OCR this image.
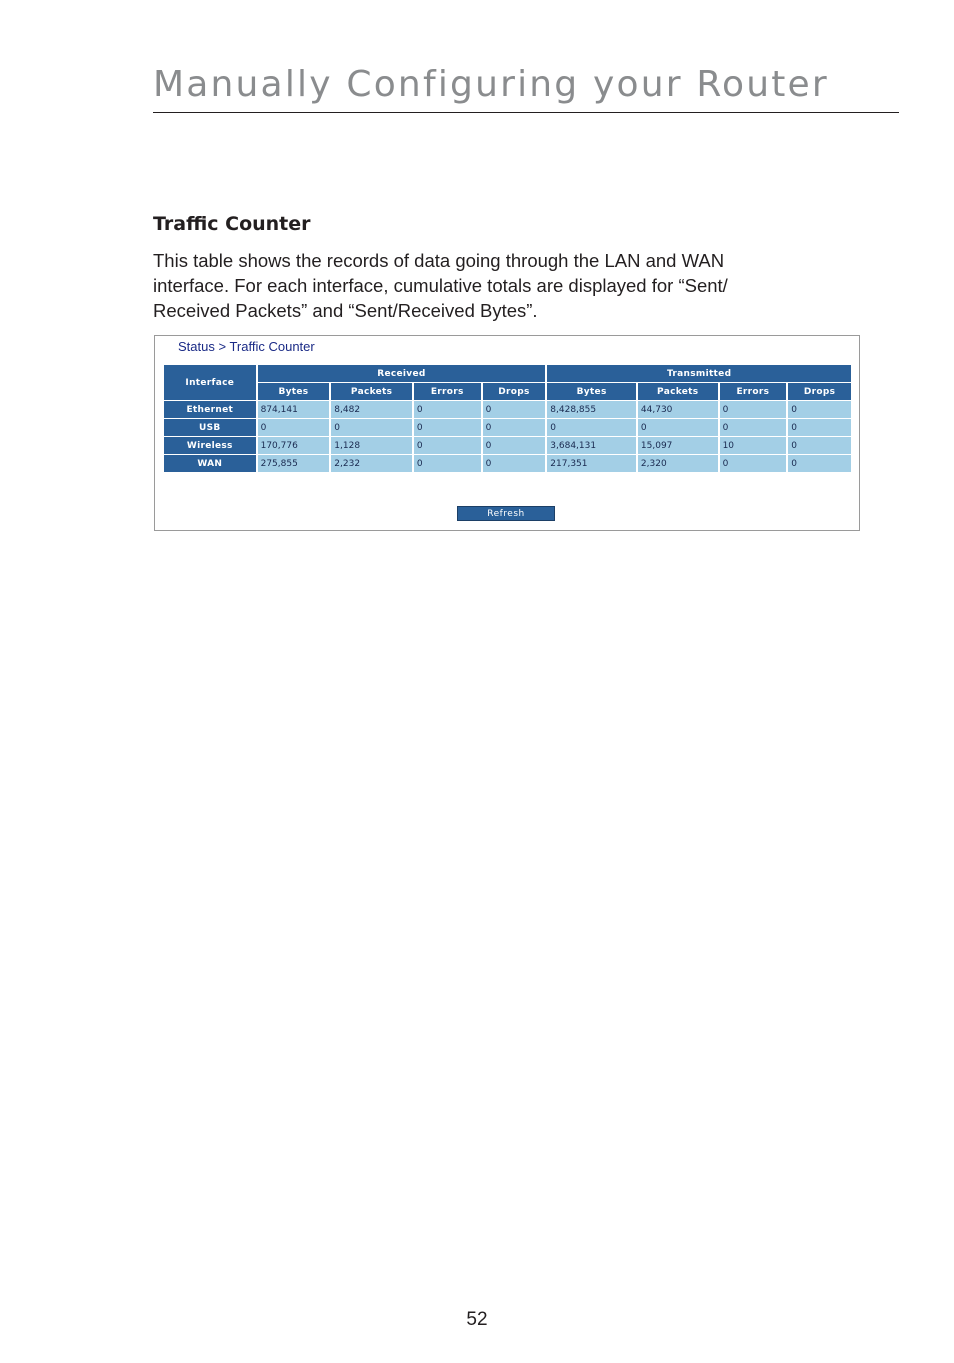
Manually Configuring your Router
Traffic Counter
This table shows the records of data going through the LAN and WAN
interface. For each interface, cumulative totals are displayed for “Sent/
Received Packets” and “Sent/Received Bytes”.
Status > Traffic Counter
Interface	Received				Transmitted			
	Bytes	Packets	Errors	Drops	Bytes	Packets	Errors	Drops
Ethernet	874,141	8,482	0	0	8,428,855	44,730	0	0
USB	0	0	0	0	0	0	0	0
Wireless	170,776	1,128	0	0	3,684,131	15,097	10	0
WAN	275,855	2,232	0	0	217,351	2,320	0	0
Refresh
52
